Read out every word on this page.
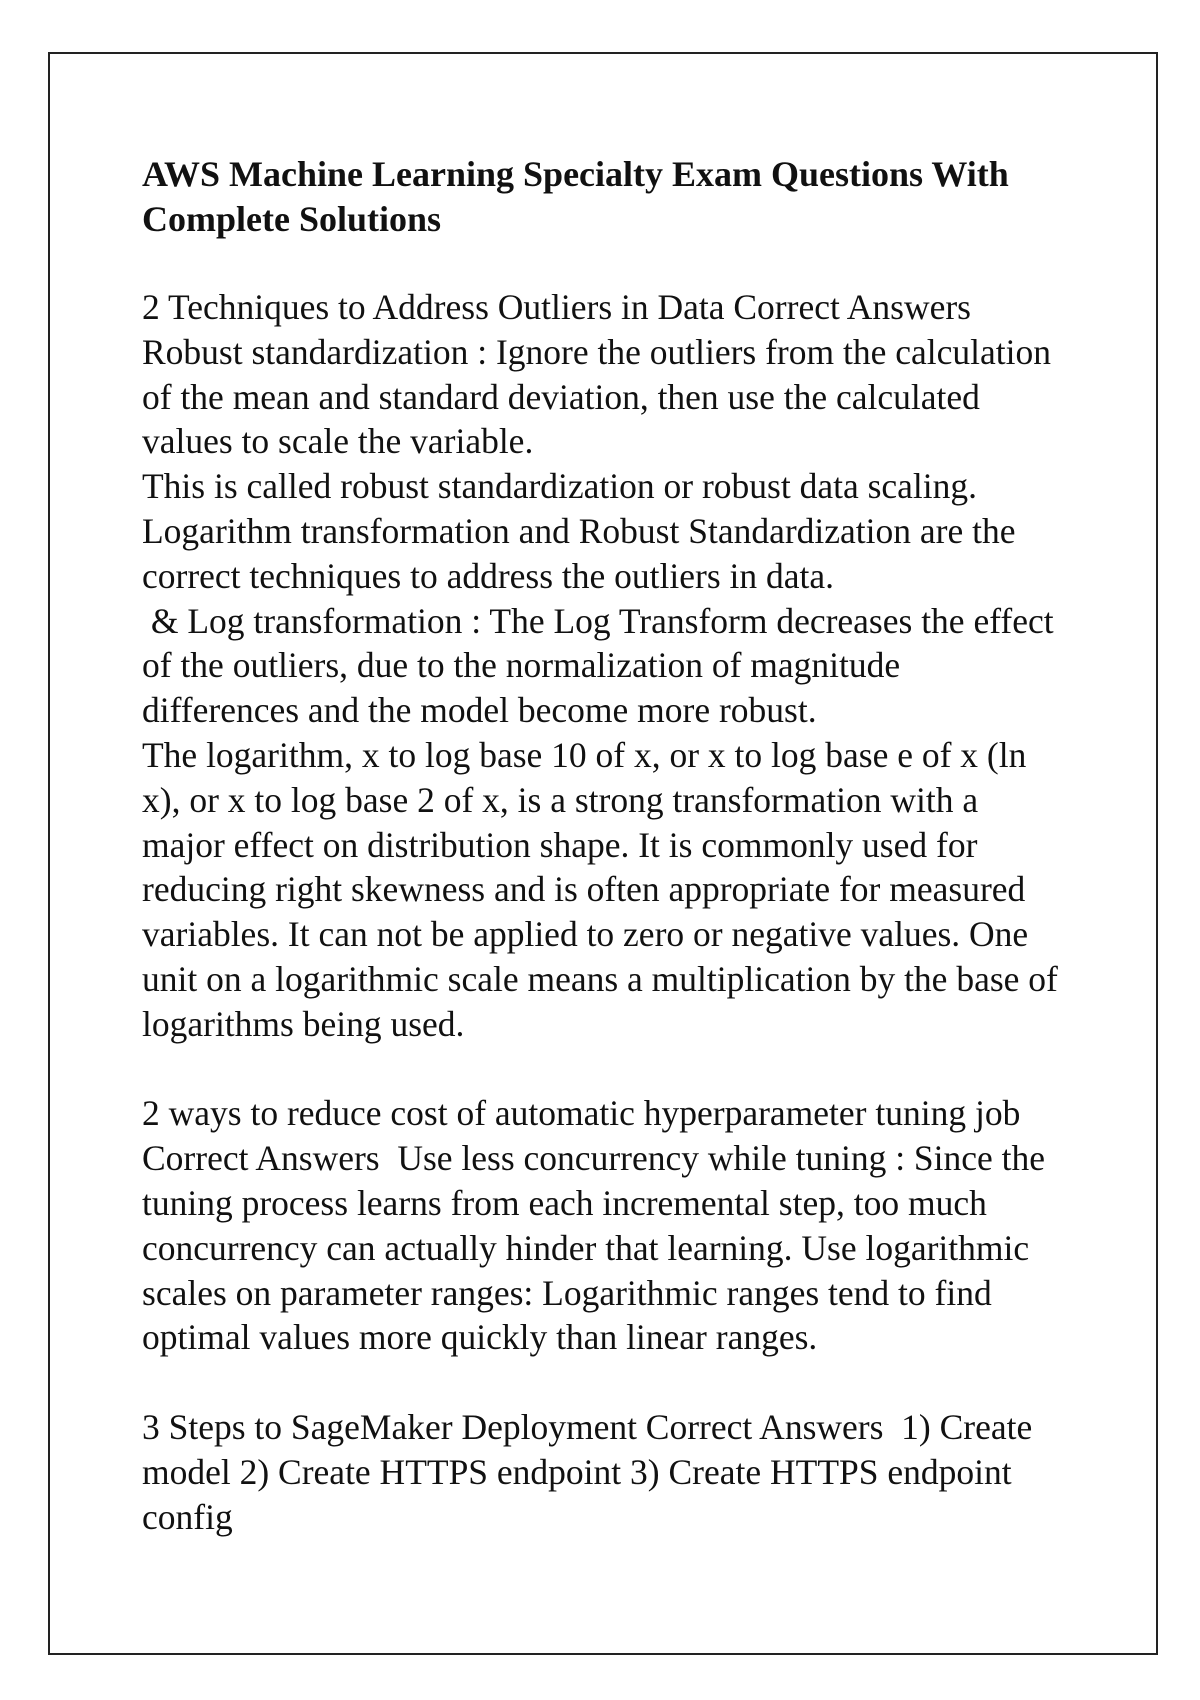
AWS Machine Learning Specialty Exam Questions With
Complete Solutions
2 Techniques to Address Outliers in Data Correct Answers
Robust standardization : Ignore the outliers from the calculation
of the mean and standard deviation, then use the calculated
values to scale the variable.
This is called robust standardization or robust data scaling.
Logarithm transformation and Robust Standardization are the
correct techniques to address the outliers in data.
& Log transformation : The Log Transform decreases the effect
of the outliers, due to the normalization of magnitude
differences and the model become more robust.
The logarithm, x to log base 10 of x, or x to log base e of x (ln
x), or x to log base 2 of x, is a strong transformation with a
major effect on distribution shape. It is commonly used for
reducing right skewness and is often appropriate for measured
variables. It can not be applied to zero or negative values. One
unit on a logarithmic scale means a multiplication by the base of
logarithms being used.
2 ways to reduce cost of automatic hyperparameter tuning job
Correct Answers  Use less concurrency while tuning : Since the
tuning process learns from each incremental step, too much
concurrency can actually hinder that learning. Use logarithmic
scales on parameter ranges: Logarithmic ranges tend to find
optimal values more quickly than linear ranges.
3 Steps to SageMaker Deployment Correct Answers  1) Create
model 2) Create HTTPS endpoint 3) Create HTTPS endpoint
config
